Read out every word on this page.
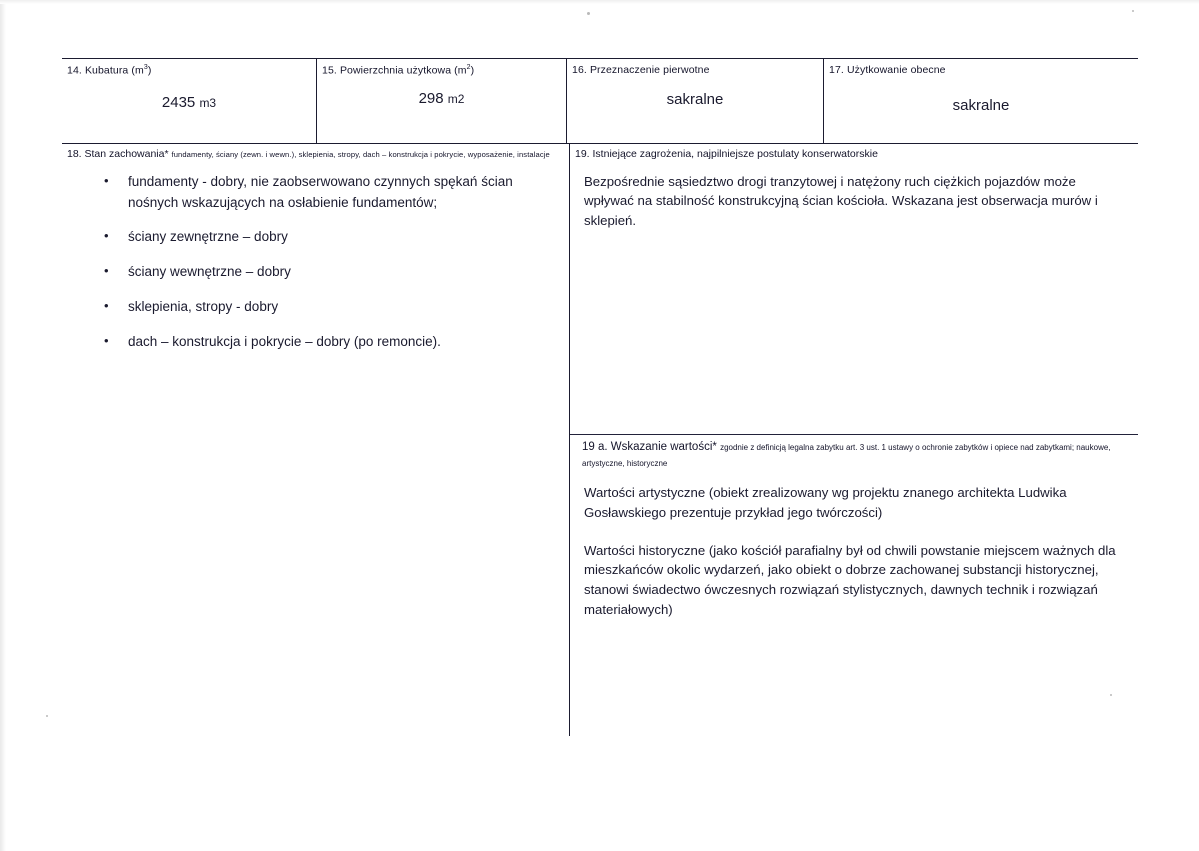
14. Kubatura $(m^3)$
2435 m3
15. Powierzchnia użytkowa $(m^2)$
298 m2
16. Przeznaczenie pierwotne
sakralne
17. Użytkowanie obecne
sakralne
18. Stan zachowania* fundamenty, ściany (zewn. i wewn.), sklepienia, stropy, dach – konstrukcja i pokrycie, wyposażenie, instalacje
• fundamenty - dobry, nie zaobserwowano czynnych spękań ścian nośnych wskazujących na osłabienie fundamentów;
• ściany zewnętrzne – dobry
• ściany wewnętrzne – dobry
• sklepienia, stropy - dobry
• dach – konstrukcja i pokrycie – dobry (po remoncie).
19. Istniejące zagrożenia, najpilniejsze postulaty konserwatorskie
Bezpośrednie sąsiedztwo drogi tranzytowej i natężony ruch ciężkich pojazdów może wpływać na stabilność konstrukcyjną ścian kościoła. Wskazana jest obserwacja murów i sklepień.
19 a. Wskazanie wartości* zgodnie z definicją legalna zabytku art. 3 ust. 1 ustawy o ochronie zabytków i opiece nad zabytkami; naukowe, artystyczne, historyczne
Wartości artystyczne (obiekt zrealizowany wg projektu znanego architekta Ludwika Gosławskiego prezentuje przykład jego twórczości)
Wartości historyczne (jako kościół parafialny był od chwili powstanie miejscem ważnych dla mieszkańców okolic wydarzeń, jako obiekt o dobrze zachowanej substancji historycznej, stanowi świadectwo ówczesnych rozwiązań stylistycznych, dawnych technik i rozwiązań materiałowych)
